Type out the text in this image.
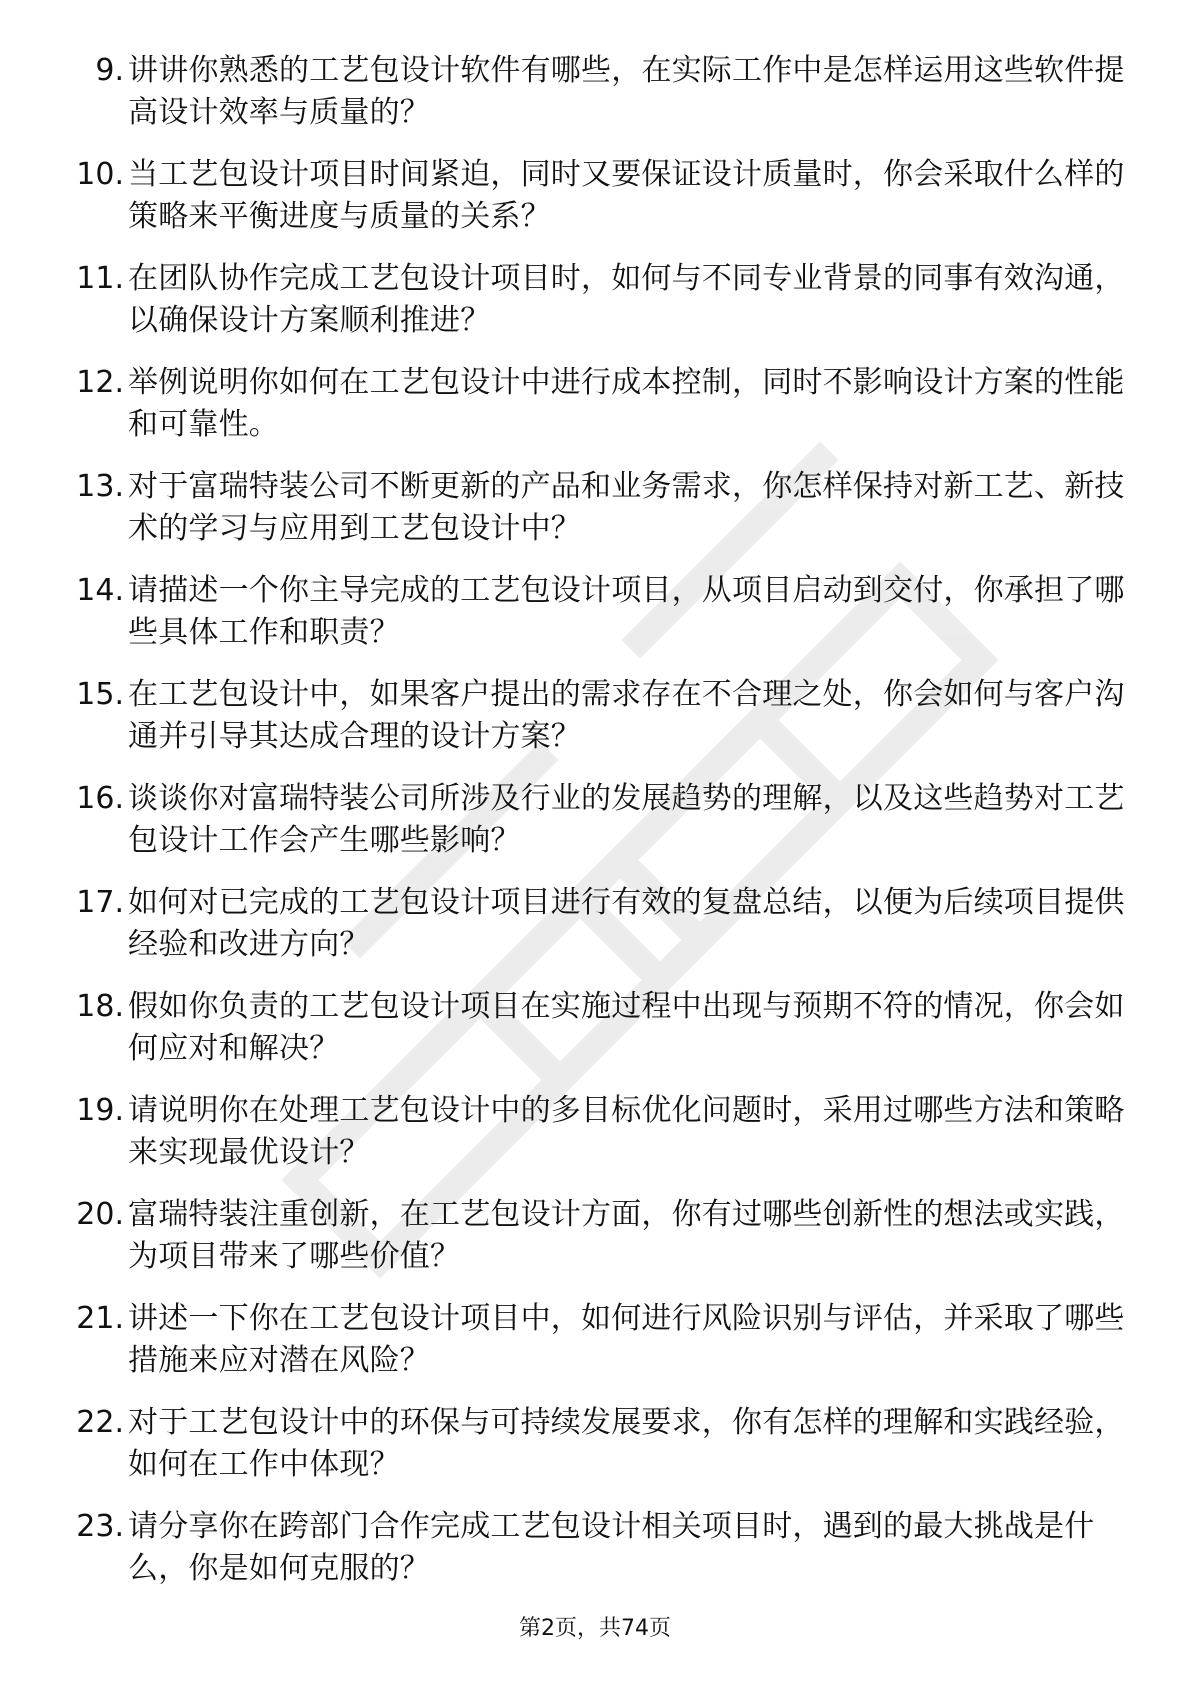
9. 讲讲你熟悉的工艺包设计软件有哪些，在实际工作中是怎样运用这些软件提高设计效率与质量的？
10. 当工艺包设计项目时间紧迫，同时又要保证设计质量时，你会采取什么样的策略来平衡进度与质量的关系？
11. 在团队协作完成工艺包设计项目时，如何与不同专业背景的同事有效沟通，以确保设计方案顺利推进？
12. 举例说明你如何在工艺包设计中进行成本控制，同时不影响设计方案的性能和可靠性。
13. 对于富瑞特装公司不断更新的产品和业务需求，你怎样保持对新工艺、新技术的学习与应用到工艺包设计中？
14. 请描述一个你主导完成的工艺包设计项目，从项目启动到交付，你承担了哪些具体工作和职责？
15. 在工艺包设计中，如果客户提出的需求存在不合理之处，你会如何与客户沟通并引导其达成合理的设计方案？
16. 谈谈你对富瑞特装公司所涉及行业的发展趋势的理解，以及这些趋势对工艺包设计工作会产生哪些影响？
17. 如何对已完成的工艺包设计项目进行有效的复盘总结，以便为后续项目提供经验和改进方向？
18. 假如你负责的工艺包设计项目在实施过程中出现与预期不符的情况，你会如何应对和解决？
19. 请说明你在处理工艺包设计中的多目标优化问题时，采用过哪些方法和策略来实现最优设计？
20. 富瑞特装注重创新，在工艺包设计方面，你有过哪些创新性的想法或实践，为项目带来了哪些价值？
21. 讲述一下你在工艺包设计项目中，如何进行风险识别与评估，并采取了哪些措施来应对潜在风险？
22. 对于工艺包设计中的环保与可持续发展要求，你有怎样的理解和实践经验，如何在工作中体现？
23. 请分享你在跨部门合作完成工艺包设计相关项目时，遇到的最大挑战是什么，你是如何克服的？
第2页，共74页
